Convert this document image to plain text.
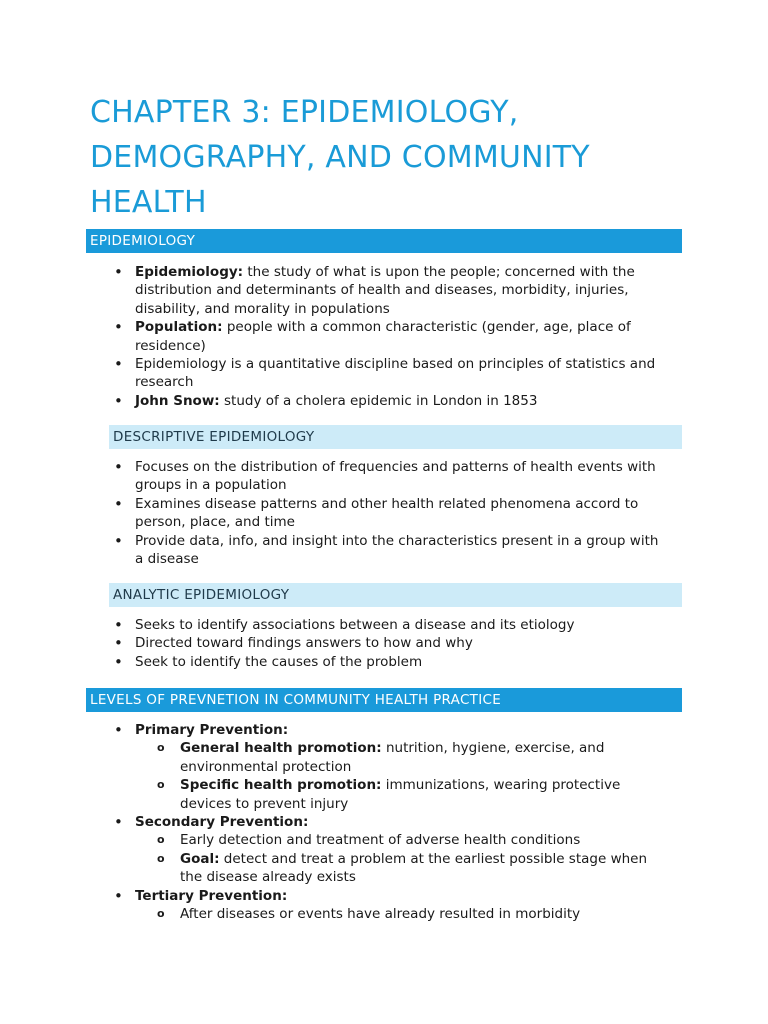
CHAPTER 3: EPIDEMIOLOGY, DEMOGRAPHY, AND COMMUNITY HEALTH
EPIDEMIOLOGY
• Epidemiology: the study of what is upon the people; concerned with the distribution and determinants of health and diseases, morbidity, injuries, disability, and morality in populations
• Population: people with a common characteristic (gender, age, place of residence)
• Epidemiology is a quantitative discipline based on principles of statistics and research
• John Snow: study of a cholera epidemic in London in 1853
DESCRIPTIVE EPIDEMIOLOGY
• Focuses on the distribution of frequencies and patterns of health events with groups in a population
• Examines disease patterns and other health related phenomena accord to person, place, and time
• Provide data, info, and insight into the characteristics present in a group with a disease
ANALYTIC EPIDEMIOLOGY
• Seeks to identify associations between a disease and its etiology
• Directed toward findings answers to how and why
• Seek to identify the causes of the problem
LEVELS OF PREVNETION IN COMMUNITY HEALTH PRACTICE
• Primary Prevention:
o General health promotion: nutrition, hygiene, exercise, and environmental protection
o Specific health promotion: immunizations, wearing protective devices to prevent injury
• Secondary Prevention:
o Early detection and treatment of adverse health conditions
o Goal: detect and treat a problem at the earliest possible stage when the disease already exists
• Tertiary Prevention:
o After diseases or events have already resulted in morbidity
